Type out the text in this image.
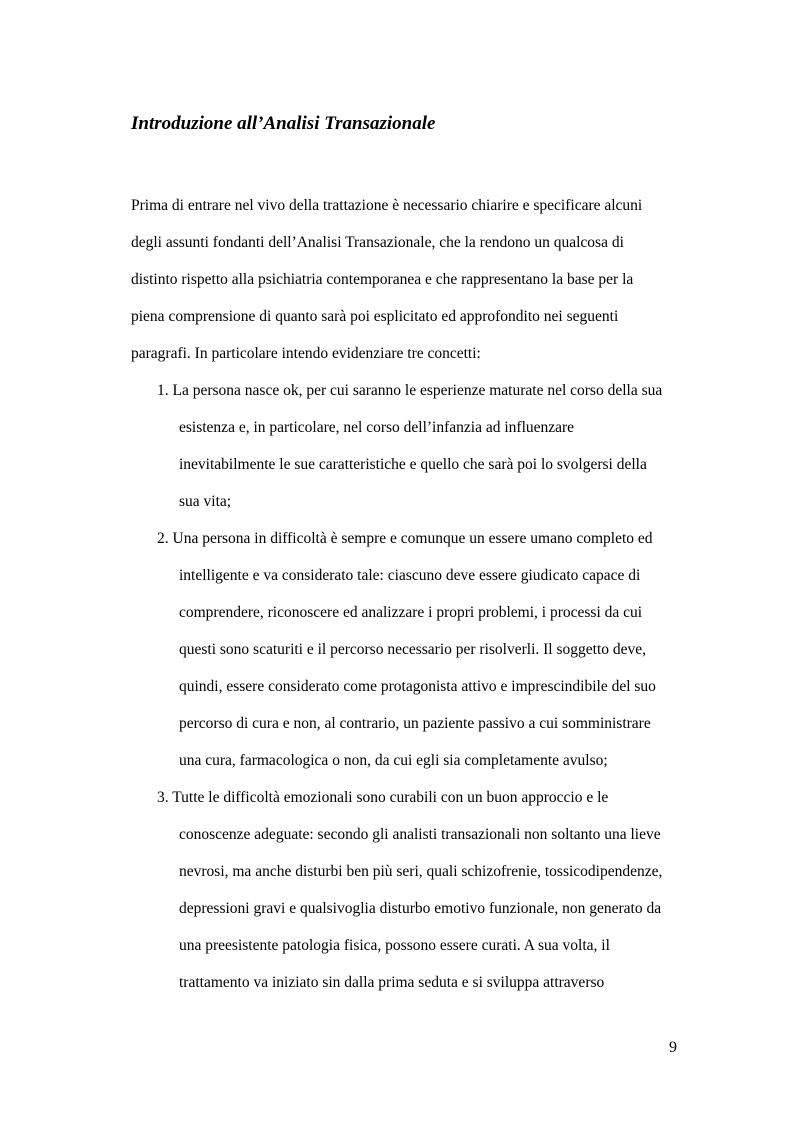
Introduzione all’Analisi Transazionale
Prima di entrare nel vivo della trattazione è necessario chiarire e specificare alcuni
degli assunti fondanti dell’Analisi Transazionale, che la rendono un qualcosa di
distinto rispetto alla psichiatria contemporanea e che rappresentano la base per la
piena comprensione di quanto sarà poi esplicitato ed approfondito nei seguenti
paragrafi. In particolare intendo evidenziare tre concetti:
1. La persona nasce ok, per cui saranno le esperienze maturate nel corso della sua
esistenza e, in particolare, nel corso dell’infanzia ad influenzare
inevitabilmente le sue caratteristiche e quello che sarà poi lo svolgersi della
sua vita;
2. Una persona in difficoltà è sempre e comunque un essere umano completo ed
intelligente e va considerato tale: ciascuno deve essere giudicato capace di
comprendere, riconoscere ed analizzare i propri problemi, i processi da cui
questi sono scaturiti e il percorso necessario per risolverli. Il soggetto deve,
quindi, essere considerato come protagonista attivo e imprescindibile del suo
percorso di cura e non, al contrario, un paziente passivo a cui somministrare
una cura, farmacologica o non, da cui egli sia completamente avulso;
3. Tutte le difficoltà emozionali sono curabili con un buon approccio e le
conoscenze adeguate: secondo gli analisti transazionali non soltanto una lieve
nevrosi, ma anche disturbi ben più seri, quali schizofrenie, tossicodipendenze,
depressioni gravi e qualsivoglia disturbo emotivo funzionale, non generato da
una preesistente patologia fisica, possono essere curati. A sua volta, il
trattamento va iniziato sin dalla prima seduta e si sviluppa attraverso
9
